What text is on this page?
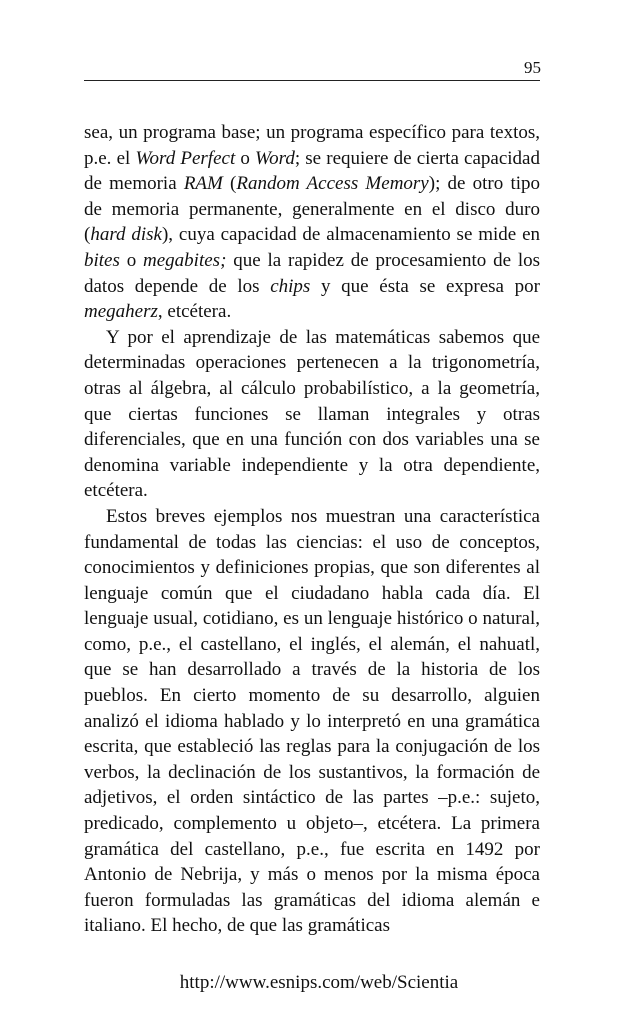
95

sea, un programa base; un programa específico para textos, p.e. el Word Perfect o Word; se requiere de cierta capacidad de memoria RAM (Random Access Memory); de otro tipo de memoria permanente, generalmente en el disco duro (hard disk), cuya capacidad de almacenamiento se mide en bites o megabites; que la rapidez de procesamiento de los datos depende de los chips y que ésta se expresa por megaherz, etcétera.

Y por el aprendizaje de las matemáticas sabemos que determinadas operaciones pertenecen a la trigonometría, otras al álgebra, al cálculo probabilístico, a la geometría, que ciertas funciones se llaman integrales y otras diferenciales, que en una función con dos variables una se denomina variable independiente y la otra dependiente, etcétera.

Estos breves ejemplos nos muestran una característica fundamental de todas las ciencias: el uso de conceptos, conocimientos y definiciones propias, que son diferentes al lenguaje común que el ciudadano habla cada día. El lenguaje usual, cotidiano, es un lenguaje histórico o natural, como, p.e., el castellano, el inglés, el alemán, el nahuatl, que se han desarrollado a través de la historia de los pueblos. En cierto momento de su desarrollo, alguien analizó el idioma hablado y lo interpretó en una gramática escrita, que estableció las reglas para la conjugación de los verbos, la declinación de los sustantivos, la formación de adjetivos, el orden sintáctico de las partes –p.e.: sujeto, predicado, complemento u objeto–, etcétera. La primera gramática del castellano, p.e., fue escrita en 1492 por Antonio de Nebrija, y más o menos por la misma época fueron formuladas las gramáticas del idioma alemán e italiano. El hecho, de que las gramáticas

http://www.esnips.com/web/Scientia
